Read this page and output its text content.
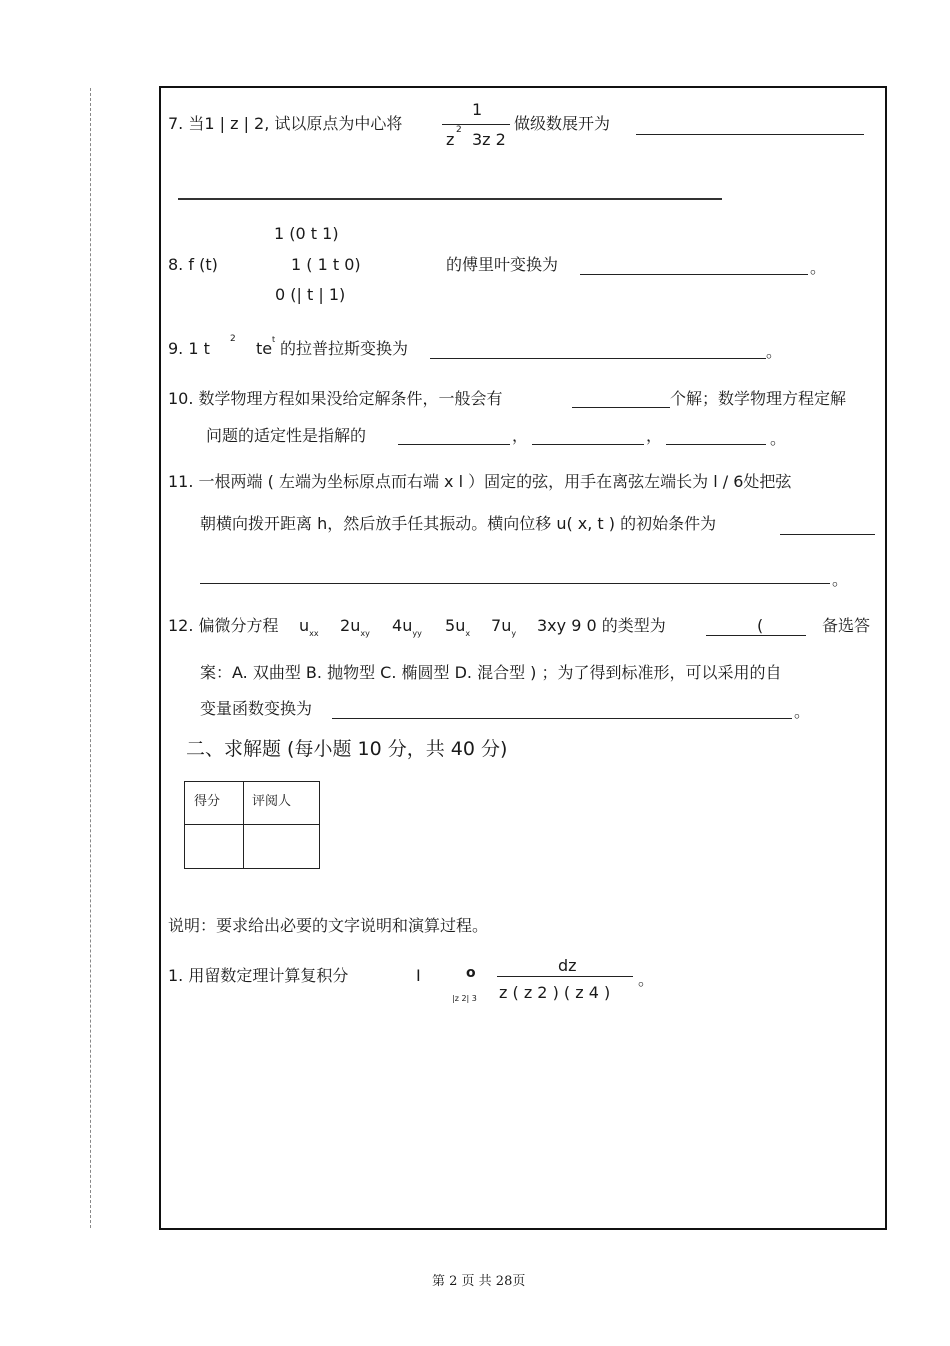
7. 当1 | z | 2, 试以原点为中心将
1
z 2 3z 2
做级数展开为
1 (0 t 1)
8. f (t)	1 ( 1 t 0)	的傅里叶变换为	。
0 (| t | 1)
9. 1 t 2 te t 的拉普拉斯变换为	。
10. 数学物理方程如果没给定解条件，一般会有	个解；数学物理方程定解
问题的适定性是指解的	，	，	。
11. 一根两端 ( 左端为坐标原点而右端 x l ）固定的弦，用手在离弦左端长为 l / 6处把弦
朝横向拨开距离 h，然后放手任其振动。横向位移 u( x, t ) 的初始条件为
。
12. 偏微分方程 $u_{xx}$ $2u_{xy}$ $4u_{yy}$ $5u_x$ $7u_y$ 3xy 9 0 的类型为	(	备选答
案：A. 双曲型 B. 抛物型 C. 椭圆型 D. 混合型 ) ；为了得到标准形，可以采用的自
变量函数变换为	。
二、求解题 (每小题 10 分，共 40 分)
得分 评阅人
说明：要求给出必要的文字说明和演算过程。
1. 用留数定理计算复积分	I	o
|z 2| 3
dz
z ( z 2 ) ( z 4 )
。
第 2 页 共 28页
